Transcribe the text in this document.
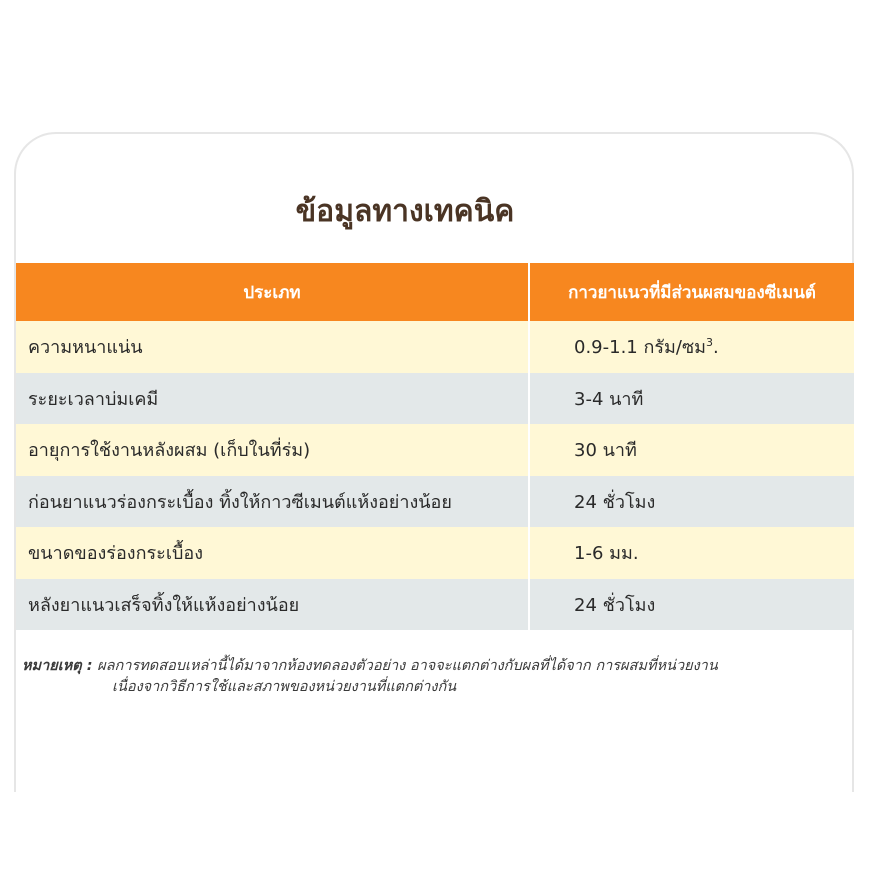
ข้อมูลทางเทคนิค
ประเภท	กาวยาแนวที่มีส่วนผสมของซีเมนต์
ความหนาแน่น	0.9-1.1 กรัม/ซม$^3$.
ระยะเวลาบ่มเคมี	3-4 นาที
อายุการใช้งานหลังผสม (เก็บในที่ร่ม)	30 นาที
ก่อนยาแนวร่องกระเบื้อง ทิ้งให้กาวซีเมนต์แห้งอย่างน้อย	24 ชั่วโมง
ขนาดของร่องกระเบื้อง	1-6 มม.
หลังยาแนวเสร็จทิ้งให้แห้งอย่างน้อย	24 ชั่วโมง
หมายเหตุ : ผลการทดสอบเหล่านี้ได้มาจากห้องทดลองตัวอย่าง อาจจะแตกต่างกับผลที่ได้จาก การผสมที่หน่วยงาน
เนื่องจากวิธีการใช้และสภาพของหน่วยงานที่แตกต่างกัน
